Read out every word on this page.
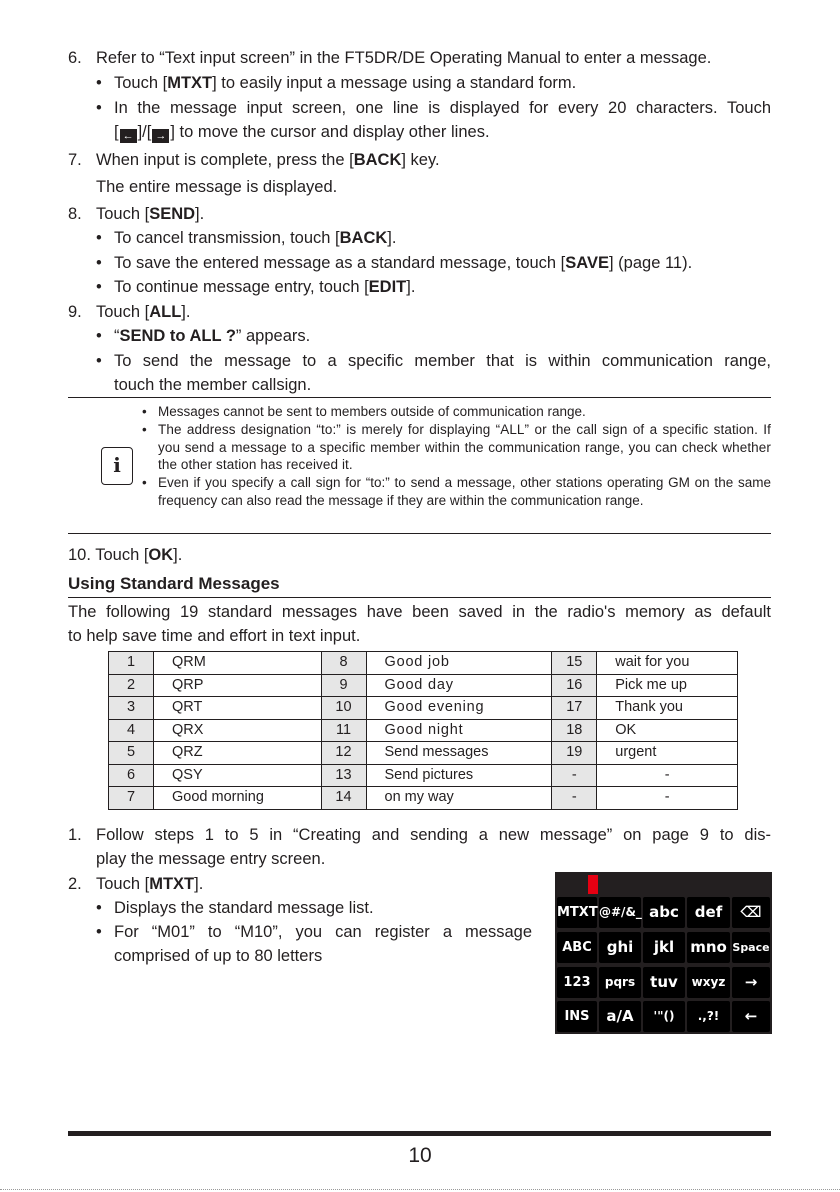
6. Refer to “Text input screen” in the FT5DR/DE Operating Manual to enter a message.
• Touch [MTXT] to easily input a message using a standard form.
• In the message input screen, one line is displayed for every 20 characters. Touch
[ ← ]/[ → ] to move the cursor and display other lines.
7. When input is complete, press the [BACK] key.
The entire message is displayed.
8. Touch [SEND].
• To cancel transmission, touch [BACK].
• To save the entered message as a standard message, touch [SAVE] (page 11).
• To continue message entry, touch [EDIT].
9. Touch [ALL].
• “SEND to ALL ?” appears.
• To send the message to a specific member that is within communication range,
touch the member callsign.
i
• Messages cannot be sent to members outside of communication range.
• The address designation “to:” is merely for displaying “ALL” or the call sign of a specific station. If you send a message to a specific member within the communication range, you can check whether the other station has received it.
• Even if you specify a call sign for “to:” to send a message, other stations operating GM on the same frequency can also read the message if they are within the communication range.
10. Touch [OK].
Using Standard Messages
The following 19 standard messages have been saved in the radio's memory as default
to help save time and effort in text input.
1	QRM	8	Good job	15	wait for you
2	QRP	9	Good day	16	Pick me up
3	QRT	10	Good evening	17	Thank you
4	QRX	11	Good night	18	OK
5	QRZ	12	Send messages	19	urgent
6	QSY	13	Send pictures	-	-
7	Good morning	14	on my way	-	-
1. Follow steps 1 to 5 in “Creating and sending a new message” on page 9 to dis-
play the message entry screen.
2. Touch [MTXT].
• Displays the standard message list.
• For “M01” to “M10”, you can register a message
comprised of up to 80 letters
MTXT @#/&_ abc	def	⌫
ABC ghi	jkl	mno Space
123	pqrs	tuv	wxyz	→
INS	a/A	'"()	.,?!	←
10
